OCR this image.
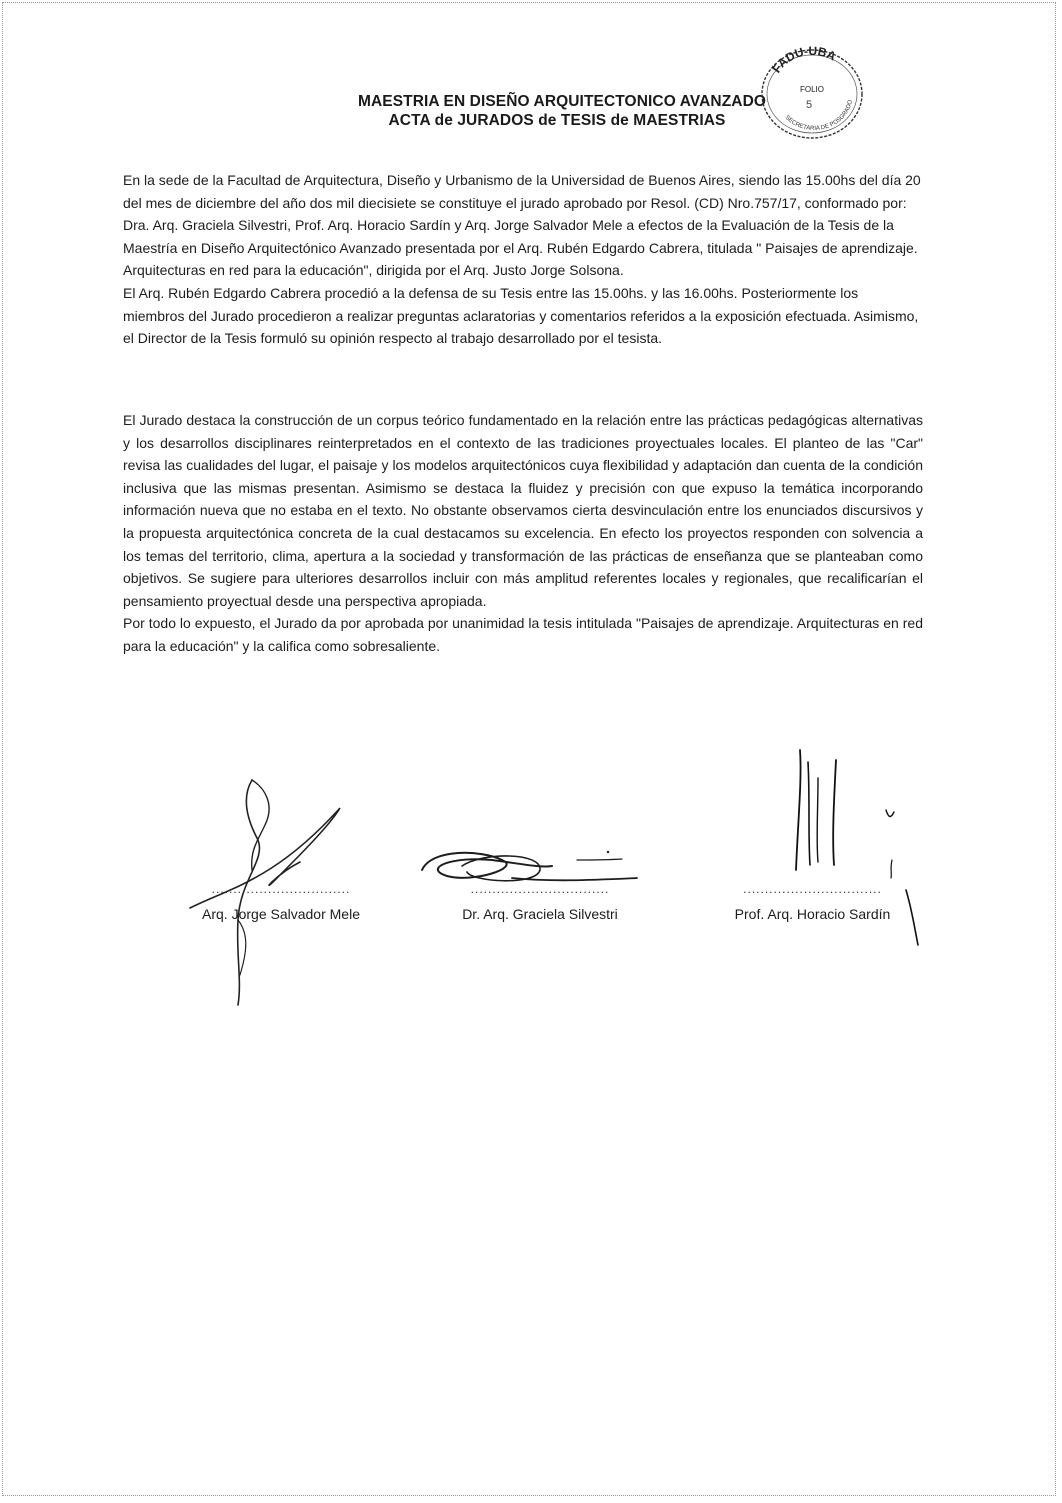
MAESTRIA EN DISEÑO ARQUITECTONICO AVANZADO
ACTA de JURADOS de TESIS de MAESTRIAS
FADU-UBA
FOLIO
5
SECRETARIA DE POSGRADO

En la sede de la Facultad de Arquitectura, Diseño y Urbanismo de la Universidad de Buenos Aires, siendo las 15.00hs del día 20 del mes de diciembre del año dos mil diecisiete se constituye el jurado aprobado por Resol. (CD) Nro.757/17, conformado por: Dra. Arq. Graciela Silvestri, Prof. Arq. Horacio Sardín y Arq. Jorge Salvador Mele a efectos de la Evaluación de la Tesis de la Maestría en Diseño Arquitectónico Avanzado presentada por el Arq. Rubén Edgardo Cabrera, titulada " Paisajes de aprendizaje. Arquitecturas en red para la educación", dirigida por el Arq. Justo Jorge Solsona.

El Arq. Rubén Edgardo Cabrera procedió a la defensa de su Tesis entre las 15.00hs. y las 16.00hs. Posteriormente los miembros del Jurado procedieron a realizar preguntas aclaratorias y comentarios referidos a la exposición efectuada. Asimismo, el Director de la Tesis formuló su opinión respecto al trabajo desarrollado por el tesista.

El Jurado destaca la construcción de un corpus teórico fundamentado en la relación entre las prácticas pedagógicas alternativas y los desarrollos disciplinares reinterpretados en el contexto de las tradiciones proyectuales locales. El planteo de las "Car" revisa las cualidades del lugar, el paisaje y los modelos arquitectónicos cuya flexibilidad y adaptación dan cuenta de la condición inclusiva que las mismas presentan. Asimismo se destaca la fluidez y precisión con que expuso la temática incorporando información nueva que no estaba en el texto. No obstante observamos cierta desvinculación entre los enunciados discursivos y la propuesta arquitectónica concreta de la cual destacamos su excelencia. En efecto los proyectos responden con solvencia a los temas del territorio, clima, apertura a la sociedad y transformación de las prácticas de enseñanza que se planteaban como objetivos. Se sugiere para ulteriores desarrollos incluir con más amplitud referentes locales y regionales, que recalificarían el pensamiento proyectual desde una perspectiva apropiada.

Por todo lo expuesto, el Jurado da por aprobada por unanimidad la tesis intitulada "Paisajes de aprendizaje. Arquitecturas en red para la educación" y la califica como sobresaliente.

................................
Arq. Jorge Salvador Mele
................................
Dr. Arq. Graciela Silvestri
................................
Prof. Arq. Horacio Sardín
